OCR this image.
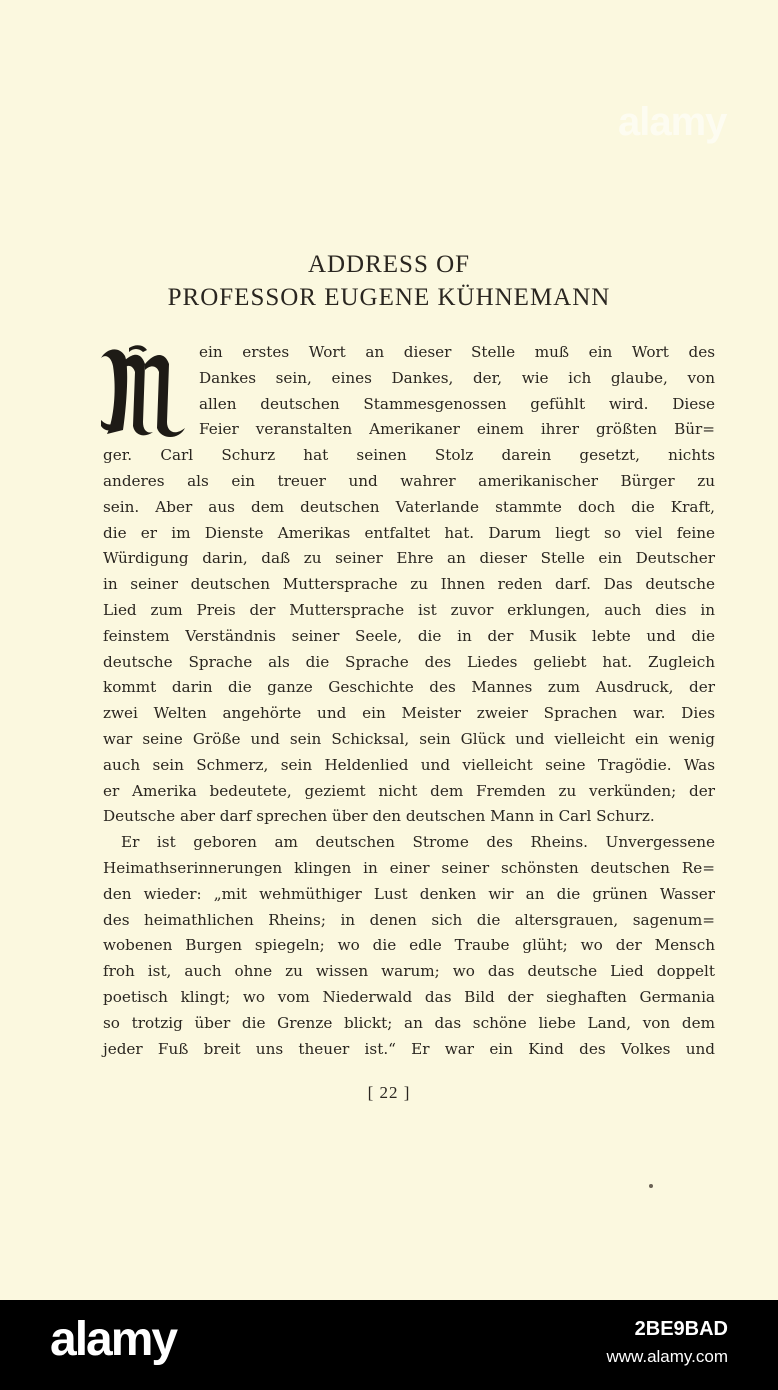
alamy
ADDRESS OF
PROFESSOR EUGENE KÜHNEMANN
ein erstes Wort an dieser Stelle muß ein Wort des
Dankes sein, eines Dankes, der, wie ich glaube, von
allen deutschen Stammesgenossen gefühlt wird. Diese
Feier veranstalten Amerikaner einem ihrer größten Bür=
ger. Carl Schurz hat seinen Stolz darein gesetzt, nichts
anderes als ein treuer und wahrer amerikanischer Bürger zu
sein. Aber aus dem deutschen Vaterlande stammte doch die Kraft,
die er im Dienste Amerikas entfaltet hat. Darum liegt so viel feine
Würdigung darin, daß zu seiner Ehre an dieser Stelle ein Deutscher
in seiner deutschen Muttersprache zu Ihnen reden darf. Das deutsche
Lied zum Preis der Muttersprache ist zuvor erklungen, auch dies in
feinstem Verständnis seiner Seele, die in der Musik lebte und die
deutsche Sprache als die Sprache des Liedes geliebt hat. Zugleich
kommt darin die ganze Geschichte des Mannes zum Ausdruck, der
zwei Welten angehörte und ein Meister zweier Sprachen war. Dies
war seine Größe und sein Schicksal, sein Glück und vielleicht ein wenig
auch sein Schmerz, sein Heldenlied und vielleicht seine Tragödie. Was
er Amerika bedeutete, geziemt nicht dem Fremden zu verkünden; der
Deutsche aber darf sprechen über den deutschen Mann in Carl Schurz.
Er ist geboren am deutschen Strome des Rheins. Unvergessene
Heimathserinnerungen klingen in einer seiner schönsten deutschen Re=
den wieder: „mit wehmüthiger Lust denken wir an die grünen Wasser
des heimathlichen Rheins; in denen sich die altersgrauen, sagenum=
wobenen Burgen spiegeln; wo die edle Traube glüht; wo der Mensch
froh ist, auch ohne zu wissen warum; wo das deutsche Lied doppelt
poetisch klingt; wo vom Niederwald das Bild der sieghaften Germania
so trotzig über die Grenze blickt; an das schöne liebe Land, von dem
jeder Fuß breit uns theuer ist.“ Er war ein Kind des Volkes und
[ 22 ]
alamy	2BE9BAD
www.alamy.com
